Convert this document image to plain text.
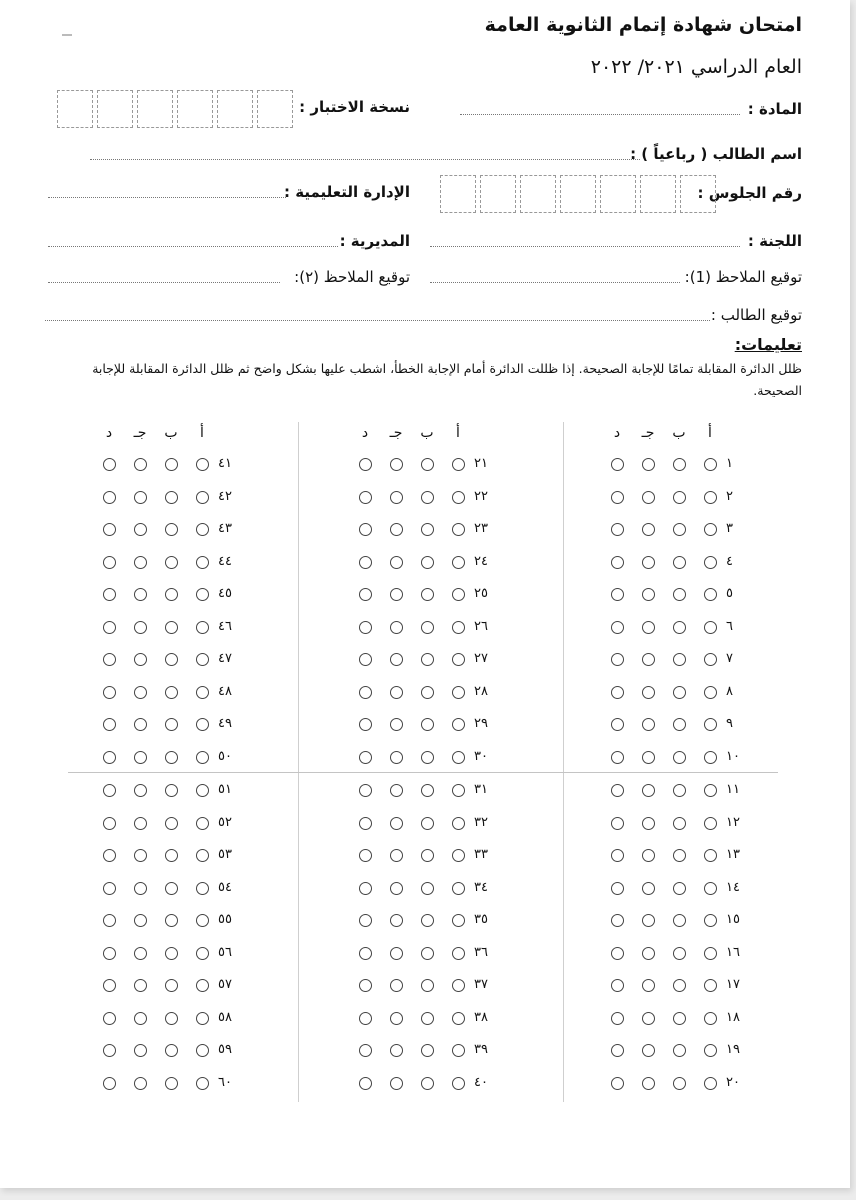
امتحان شهادة إتمام الثانوية العامة
العام الدراسي ٢٠٢١/ ٢٠٢٢
المادة :
نسخة الاختبار :
اسم الطالب ( رباعياً ) :
رقم الجلوس :
الإدارة التعليمية :
اللجنة :
المديرية :
توقيع الملاحظ (1):
توقيع الملاحظ (٢):
توقيع الطالب :
تعليمات:
ظلل الدائرة المقابلة تمامًا للإجابة الصحيحة. إذا ظللت الدائرة أمام الإجابة الخطأ، اشطب عليها بشكل واضح ثم ظلل الدائرة المقابلة للإجابة الصحيحة.
د	جـ ب	أ
١
٢
٣
٤
٥
٦
٧
٨
٩
١٠
١١
١٢
١٣
١٤
١٥
١٦
١٧
١٨
١٩
٢٠
د	جـ ب	أ
٢١
٢٢
٢٣
٢٤
٢٥
٢٦
٢٧
٢٨
٢٩
٣٠
٣١
٣٢
٣٣
٣٤
٣٥
٣٦
٣٧
٣٨
٣٩
٤٠
د	جـ ب	أ
٤١
٤٢
٤٣
٤٤
٤٥
٤٦
٤٧
٤٨
٤٩
٥٠
٥١
٥٢
٥٣
٥٤
٥٥
٥٦
٥٧
٥٨
٥٩
٦٠
